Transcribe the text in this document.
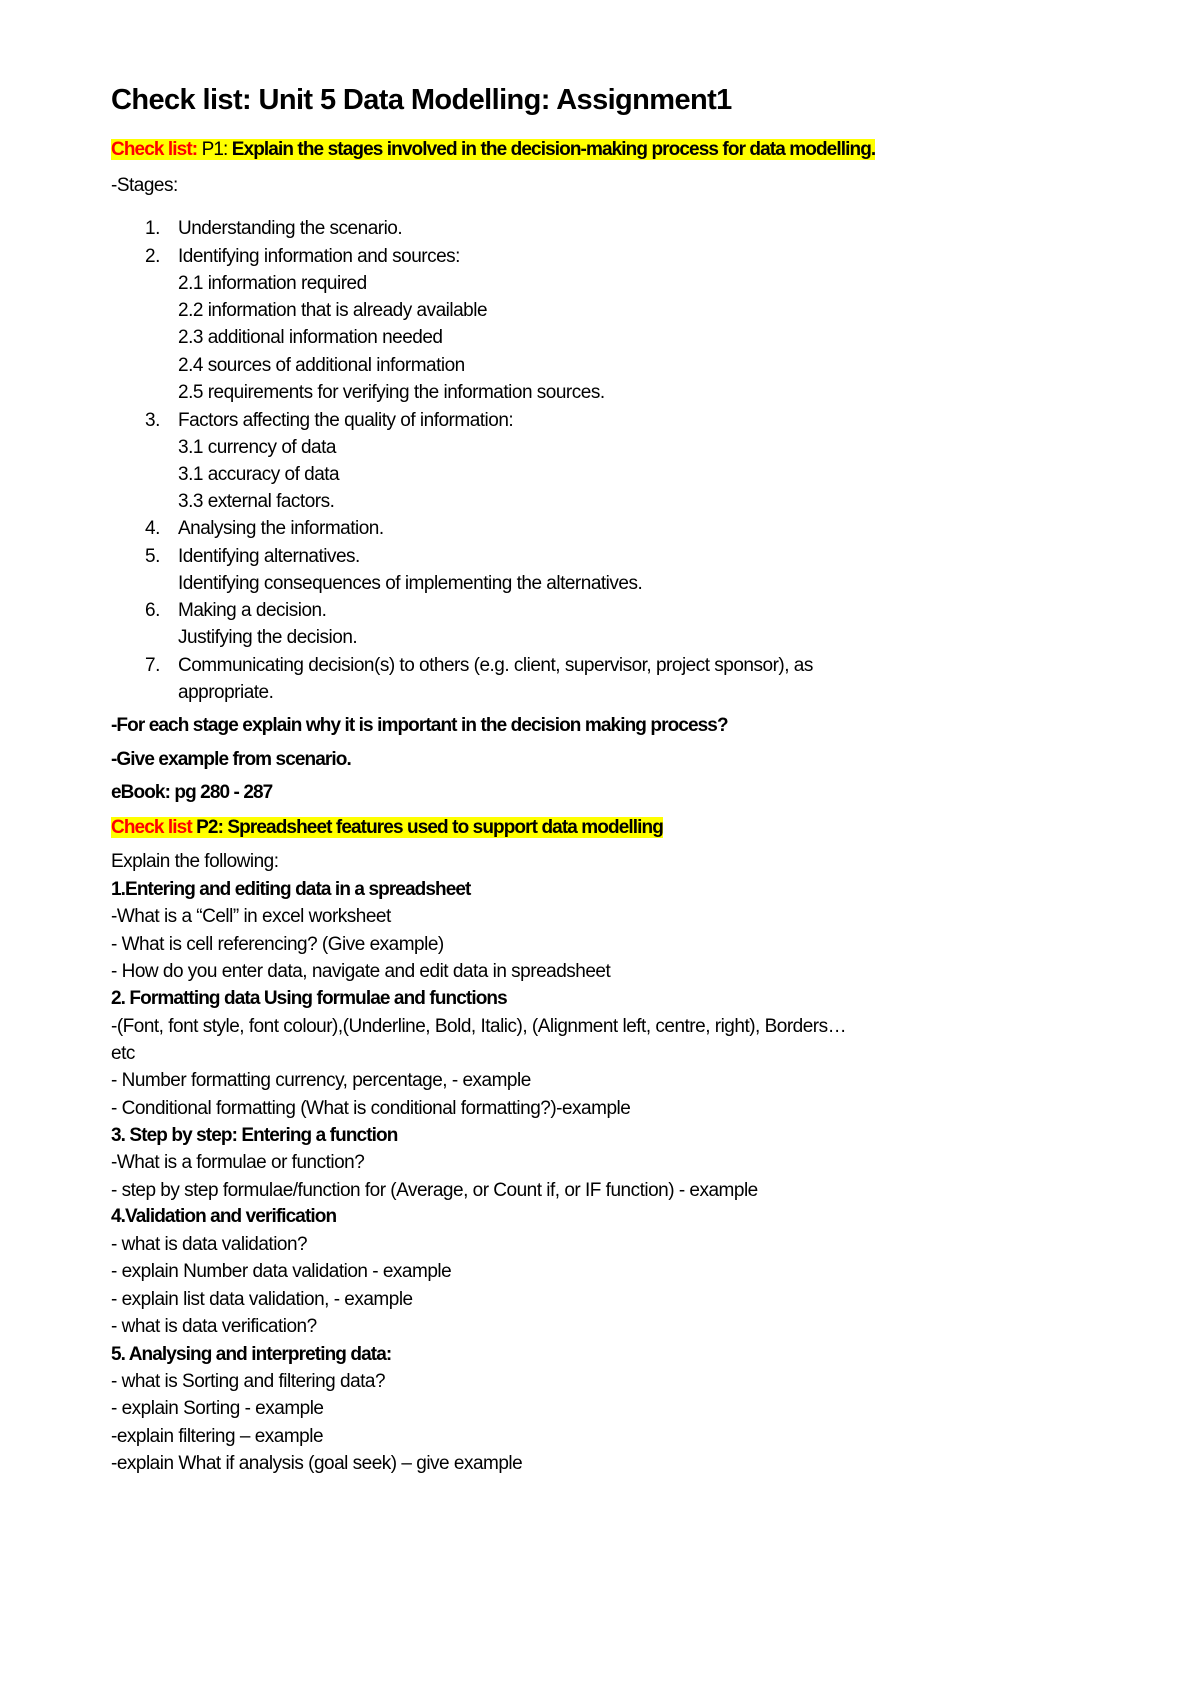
Check list: Unit 5 Data Modelling: Assignment1
Check list: P1: Explain the stages involved in the decision-making process for data modelling.
-Stages:
1. Understanding the scenario.
2. Identifying information and sources:
2.1 information required
2.2 information that is already available
2.3 additional information needed
2.4 sources of additional information
2.5 requirements for verifying the information sources.
3. Factors affecting the quality of information:
3.1 currency of data
3.1 accuracy of data
3.3 external factors.
4. Analysing the information.
5. Identifying alternatives.
Identifying consequences of implementing the alternatives.
6. Making a decision.
Justifying the decision.
7. Communicating decision(s) to others (e.g. client, supervisor, project sponsor), as
appropriate.
-For each stage explain why it is important in the decision making process?
-Give example from scenario.
eBook: pg 280 - 287
Check list P2: Spreadsheet features used to support data modelling
Explain the following:
1.Entering and editing data in a spreadsheet
-What is a “Cell” in excel worksheet
- What is cell referencing? (Give example)
- How do you enter data, navigate and edit data in spreadsheet
2. Formatting data Using formulae and functions
-(Font, font style, font colour),(Underline, Bold, Italic), (Alignment left, centre, right), Borders…
etc
- Number formatting currency, percentage, - example
- Conditional formatting (What is conditional formatting?)-example
3. Step by step: Entering a function
-What is a formulae or function?
- step by step formulae/function for (Average, or Count if, or IF function) - example
4.Validation and verification
- what is data validation?
- explain Number data validation - example
- explain list data validation, - example
- what is data verification?
5. Analysing and interpreting data:
- what is Sorting and filtering data?
- explain Sorting - example
-explain filtering – example
-explain What if analysis (goal seek) – give example
